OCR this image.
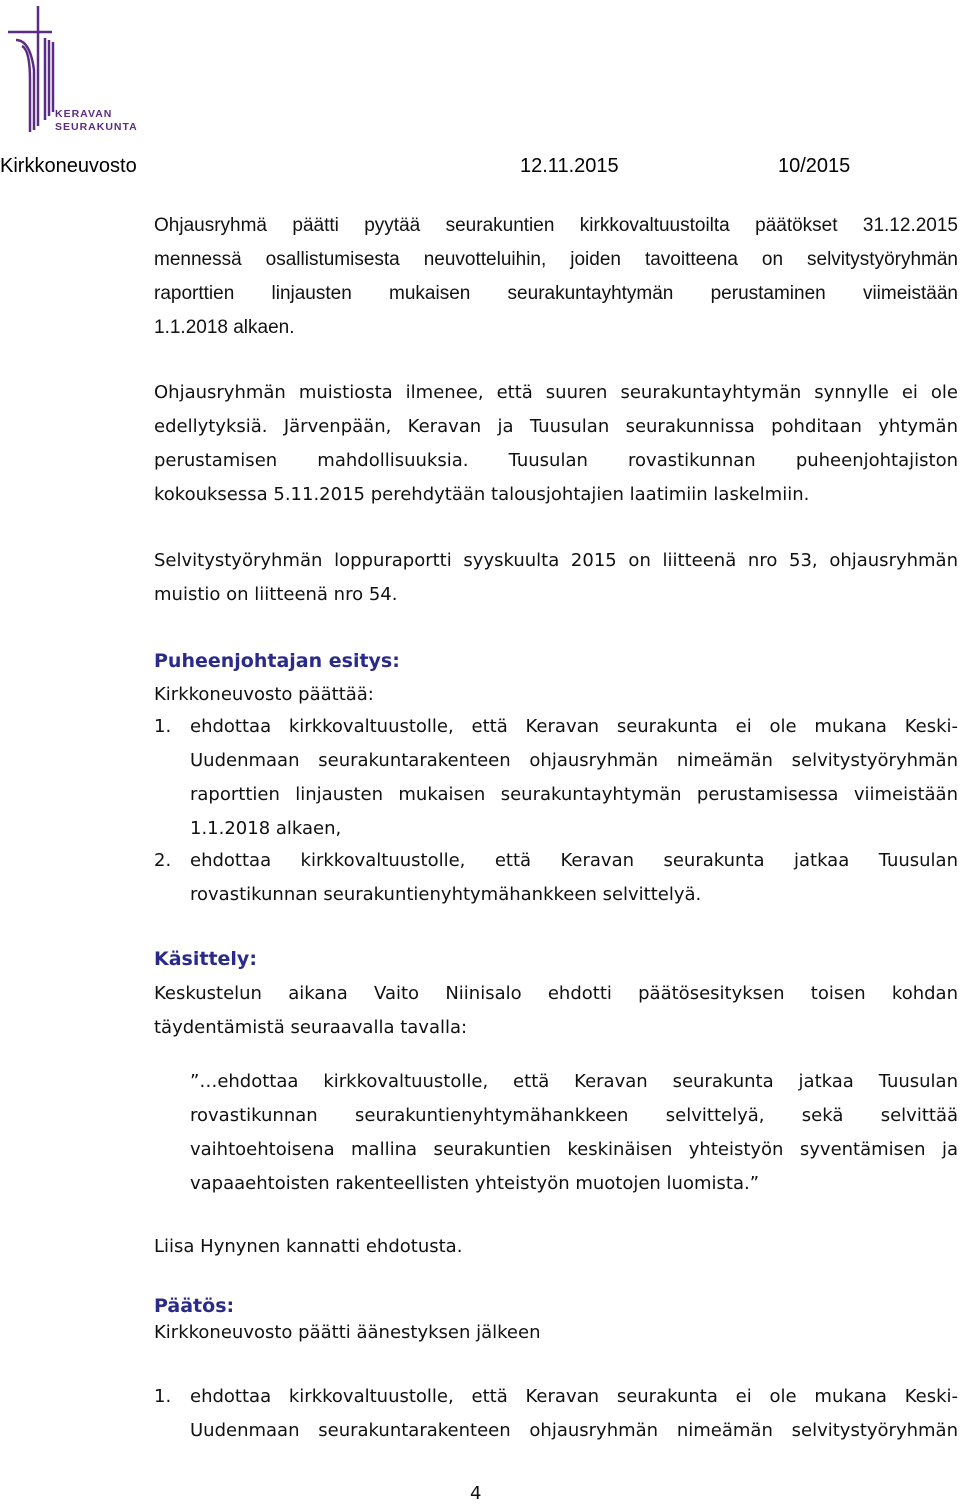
KERAVAN
SEURAKUNTA
Kirkkoneuvosto	12.11.2015	10/2015
Ohjausryhmä päätti pyytää seurakuntien kirkkovaltuustoilta päätökset 31.12.2015
mennessä osallistumisesta neuvotteluihin, joiden tavoitteena on selvitystyöryhmän
raporttien linjausten mukaisen seurakuntayhtymän perustaminen viimeistään
1.1.2018 alkaen.
Ohjausryhmän muistiosta ilmenee, että suuren seurakuntayhtymän synnylle ei ole
edellytyksiä. Järvenpään, Keravan ja Tuusulan seurakunnissa pohditaan yhtymän
perustamisen mahdollisuuksia. Tuusulan rovastikunnan puheenjohtajiston
kokouksessa 5.11.2015 perehdytään talousjohtajien laatimiin laskelmiin.
Selvitystyöryhmän loppuraportti syyskuulta 2015 on liitteenä nro 53, ohjausryhmän
muistio on liitteenä nro 54.
Puheenjohtajan esitys:
Kirkkoneuvosto päättää:
1. ehdottaa kirkkovaltuustolle, että Keravan seurakunta ei ole mukana Keski-
Uudenmaan seurakuntarakenteen ohjausryhmän nimeämän selvitystyöryhmän
raporttien linjausten mukaisen seurakuntayhtymän perustamisessa viimeistään
1.1.2018 alkaen,
2. ehdottaa kirkkovaltuustolle, että Keravan seurakunta jatkaa Tuusulan
rovastikunnan seurakuntienyhtymähankkeen selvittelyä.
Käsittely:
Keskustelun aikana Vaito Niinisalo ehdotti päätösesityksen toisen kohdan
täydentämistä seuraavalla tavalla:
”…ehdottaa kirkkovaltuustolle, että Keravan seurakunta jatkaa Tuusulan
rovastikunnan seurakuntienyhtymähankkeen selvittelyä, sekä selvittää
vaihtoehtoisena mallina seurakuntien keskinäisen yhteistyön syventämisen ja
vapaaehtoisten rakenteellisten yhteistyön muotojen luomista.”
Liisa Hynynen kannatti ehdotusta.
Päätös:
Kirkkoneuvosto päätti äänestyksen jälkeen
1. ehdottaa kirkkovaltuustolle, että Keravan seurakunta ei ole mukana Keski-
Uudenmaan seurakuntarakenteen ohjausryhmän nimeämän selvitystyöryhmän
4
